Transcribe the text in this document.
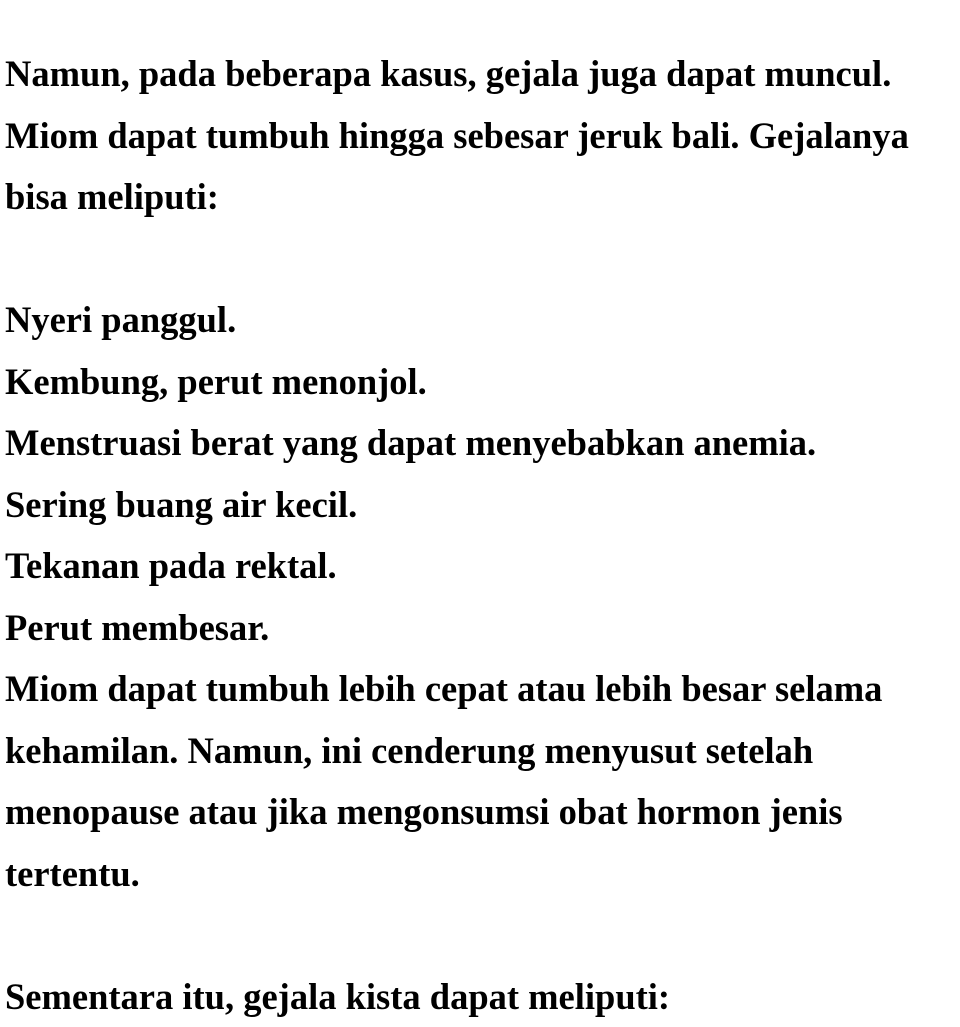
Namun, pada beberapa kasus, gejala juga dapat muncul. Miom dapat tumbuh hingga sebesar jeruk bali. Gejalanya bisa meliputi:

Nyeri panggul.
Kembung, perut menonjol.
Menstruasi berat yang dapat menyebabkan anemia.
Sering buang air kecil.
Tekanan pada rektal.
Perut membesar.

Miom dapat tumbuh lebih cepat atau lebih besar selama kehamilan. Namun, ini cenderung menyusut setelah menopause atau jika mengonsumsi obat hormon jenis tertentu.

Sementara itu, gejala kista dapat meliputi:
